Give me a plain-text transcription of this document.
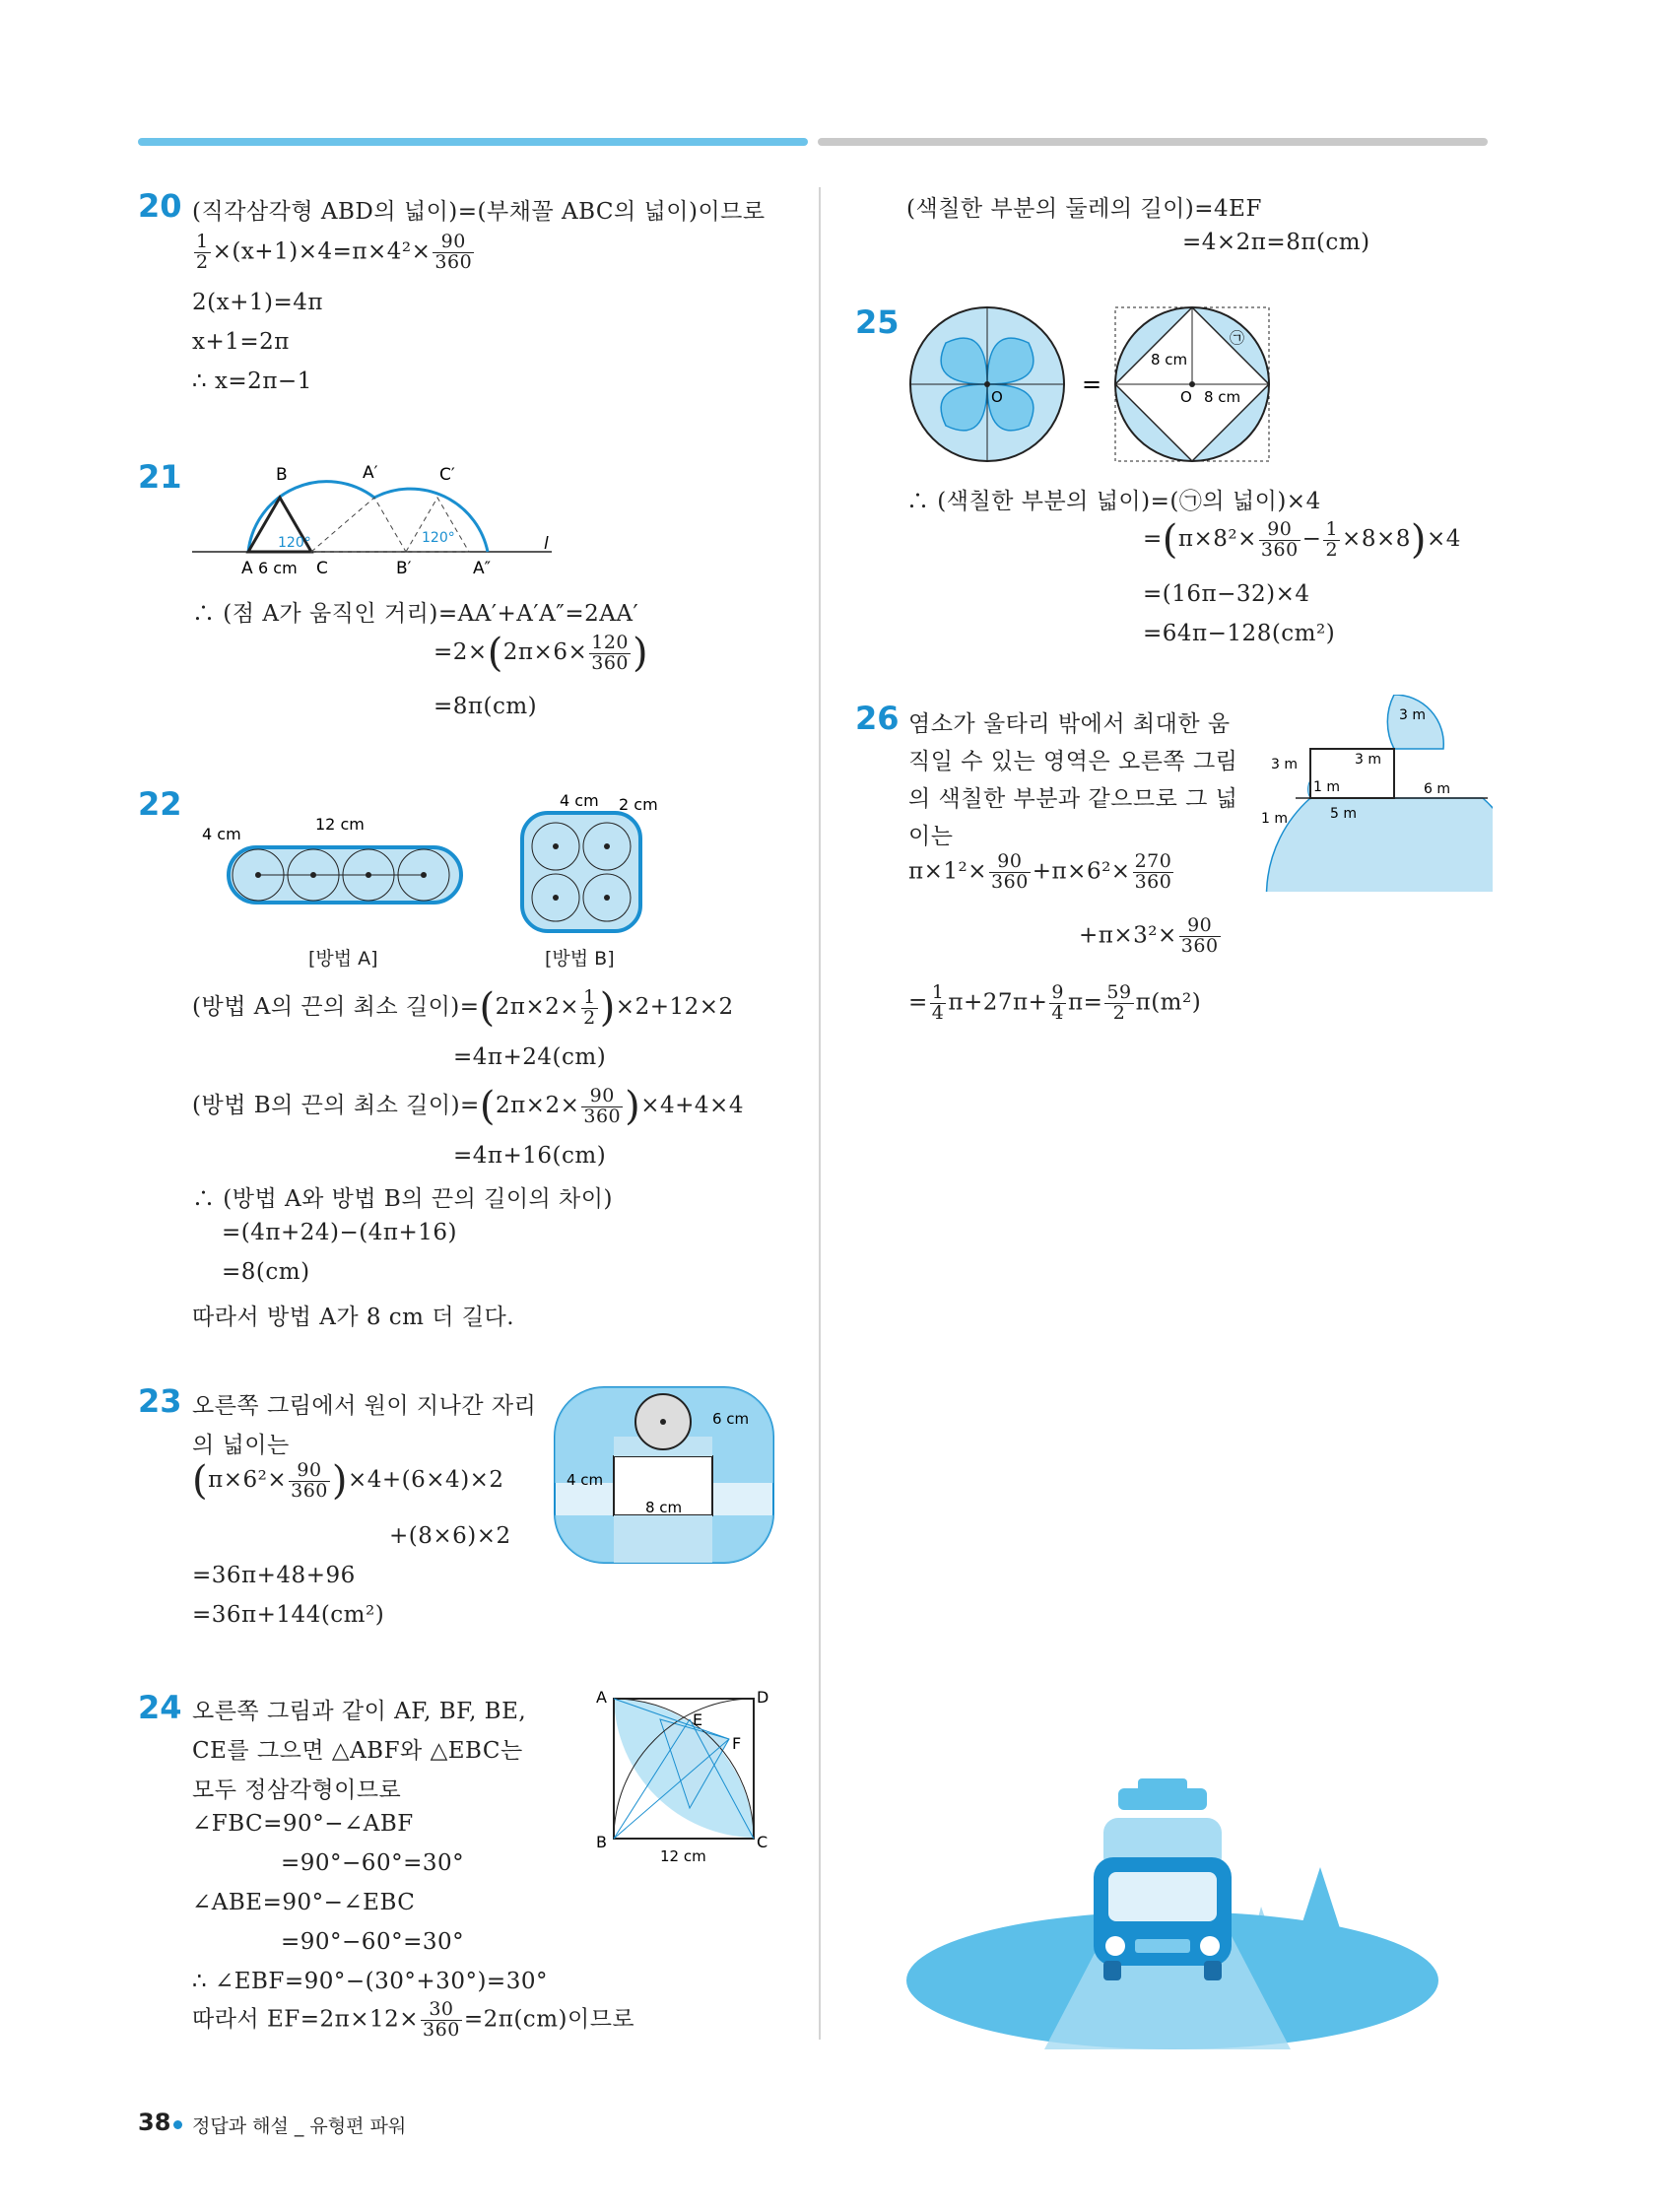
20 (직각삼각형 ABD의 넓이)=(부채꼴 ABC의 넓이)이므로
$\frac{1}{2} \times(x+1)\times 4=\pi\times 4^2\times \frac{90}{360}$
2(x+1)=4π
x+1=2π
∴ x=2π−1
21	B	A′	C′
A 6 cm C	B′	A″
l
120°	120°
∴ (점 A가 움직인 거리)=AA′+A′A″=2AA′
$=2\times(2\pi\times 6\times \frac{120}{360}$ )
=8π(cm)
22
4 cm
12 cm
4 cm 2 cm
[방법 A]	[방법 B]
(방법 A의 끈의 최소 길이)$=(2\pi\times 2\times \frac{1}{2} )\times 2+12\times 2$
=4π+24(cm)
(방법 B의 끈의 최소 길이)$=(2\pi\times 2\times \frac{90}{360} )\times 4+4\times 4$
=4π+16(cm)
∴ (방법 A와 방법 B의 끈의 길이의 차이)
=(4π+24)−(4π+16)
=8(cm)
따라서 방법 A가 8 cm 더 길다.
23 오른쪽 그림에서 원이 지나간 자리
의 넓이는
$(\pi\times 6^2\times \frac{90}{360} )\times 4+(6\times 4)\times 2$
+(8×6)×2
=36π+48+96
=36π+144(cm²)
6 cm
4 cm
8 cm
24 오른쪽 그림과 같이 AF, BF, BE,
CE를 그으면 △ABF와 △EBC는
모두 정삼각형이므로
∠FBC=90°−∠ABF
=90°−60°=30°
∠ABE=90°−∠EBC
=90°−60°=30°
∴ ∠EBF=90°−(30°+30°)=30°
따라서 $EF=2\pi\times 12\times \frac{30}{360} =2\pi(cm)$이므로
A	D
E
F
B	C
12 cm
(색칠한 부분의 둘레의 길이)=4EF
=4×2π=8π(cm)
25
O	=
8 cm
O 8 cm
㉠
∴ (색칠한 부분의 넓이)=(㉠의 넓이)×4
$=(\pi\times 8^2\times \frac{90}{360} - \frac{1}{2} \times 8\times 8)\times 4$
=(16π−32)×4
=64π−128(cm²)
26 염소가 울타리 밖에서 최대한 움
직일 수 있는 영역은 오른쪽 그림
의 색칠한 부분과 같으므로 그 넓
이는
$\pi\times 1^2\times \frac{90}{360} +\pi\times 6^2\times \frac{270}{360}$
$+\pi\times 3^2\times \frac{90}{360}$
= $\frac{1}{4} \pi+27\pi+ \frac{9}{4} \pi= \frac{59}{2} \pi(m^2)$
3 m
3 m	3 m
1 m
1 m
6 m
5 m
38 정답과 해설 _ 유형편 파워
